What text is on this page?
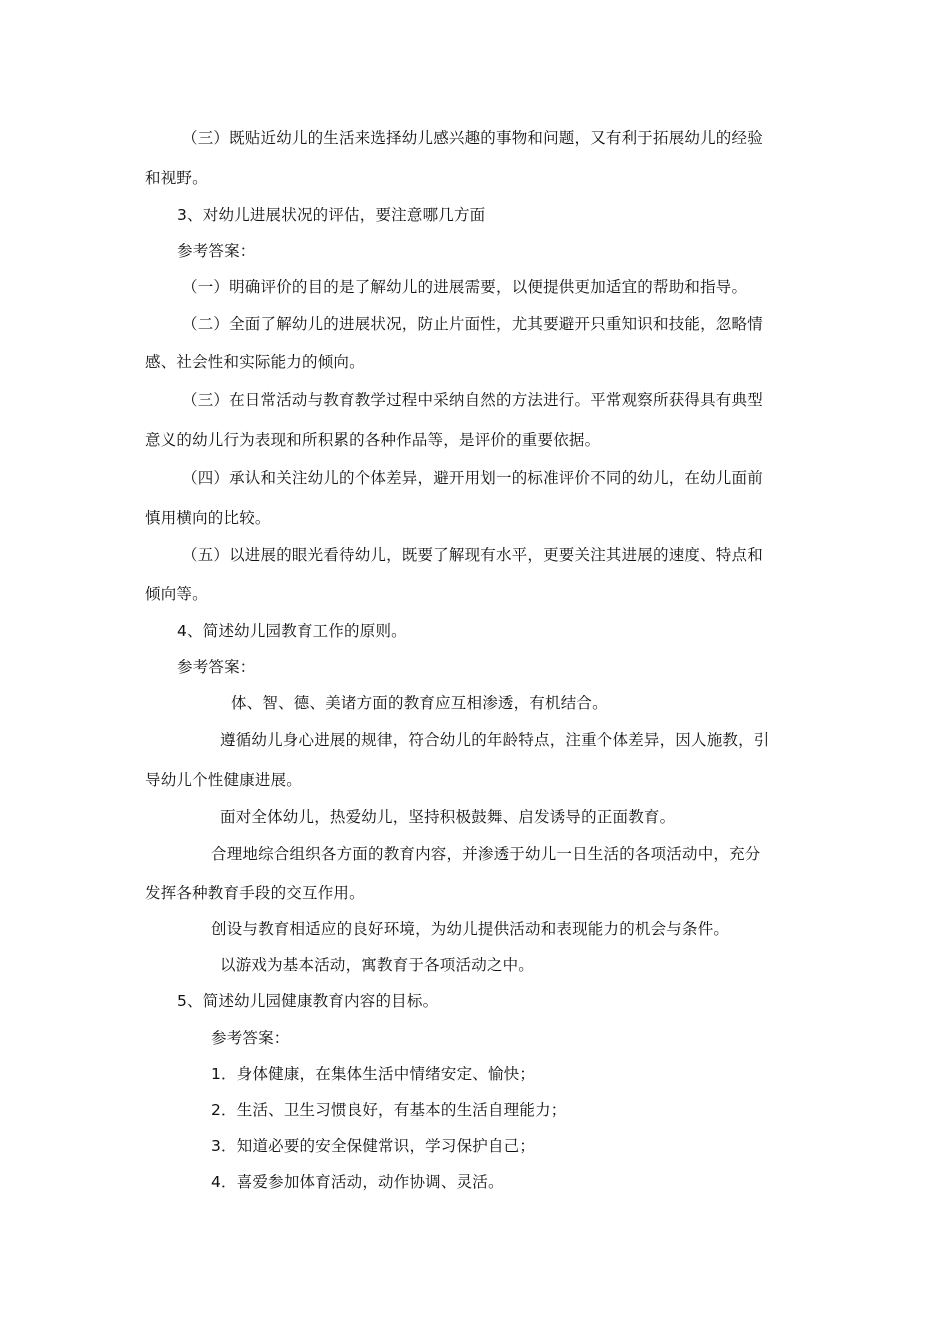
（三）既贴近幼儿的生活来选择幼儿感兴趣的事物和问题，又有利于拓展幼儿的经验
和视野。
3、对幼儿进展状况的评估，要注意哪几方面
参考答案：
（一）明确评价的目的是了解幼儿的进展需要，以便提供更加适宜的帮助和指导。
（二）全面了解幼儿的进展状况，防止片面性，尤其要避开只重知识和技能，忽略情
感、社会性和实际能力的倾向。
（三）在日常活动与教育教学过程中采纳自然的方法进行。平常观察所获得具有典型
意义的幼儿行为表现和所积累的各种作品等，是评价的重要依据。
（四）承认和关注幼儿的个体差异，避开用划一的标准评价不同的幼儿，在幼儿面前
慎用横向的比较。
（五）以进展的眼光看待幼儿，既要了解现有水平，更要关注其进展的速度、特点和
倾向等。
4、简述幼儿园教育工作的原则。
参考答案：
体、智、德、美诸方面的教育应互相渗透，有机结合。
遵循幼儿身心进展的规律，符合幼儿的年龄特点，注重个体差异，因人施教，引
导幼儿个性健康进展。
面对全体幼儿，热爱幼儿，坚持积极鼓舞、启发诱导的正面教育。
合理地综合组织各方面的教育内容，并渗透于幼儿一日生活的各项活动中，充分
发挥各种教育手段的交互作用。
创设与教育相适应的良好环境，为幼儿提供活动和表现能力的机会与条件。
以游戏为基本活动，寓教育于各项活动之中。
5、简述幼儿园健康教育内容的目标。
参考答案：
1．身体健康，在集体生活中情绪安定、愉快；
2．生活、卫生习惯良好，有基本的生活自理能力；
3．知道必要的安全保健常识，学习保护自己；
4．喜爱参加体育活动，动作协调、灵活。
